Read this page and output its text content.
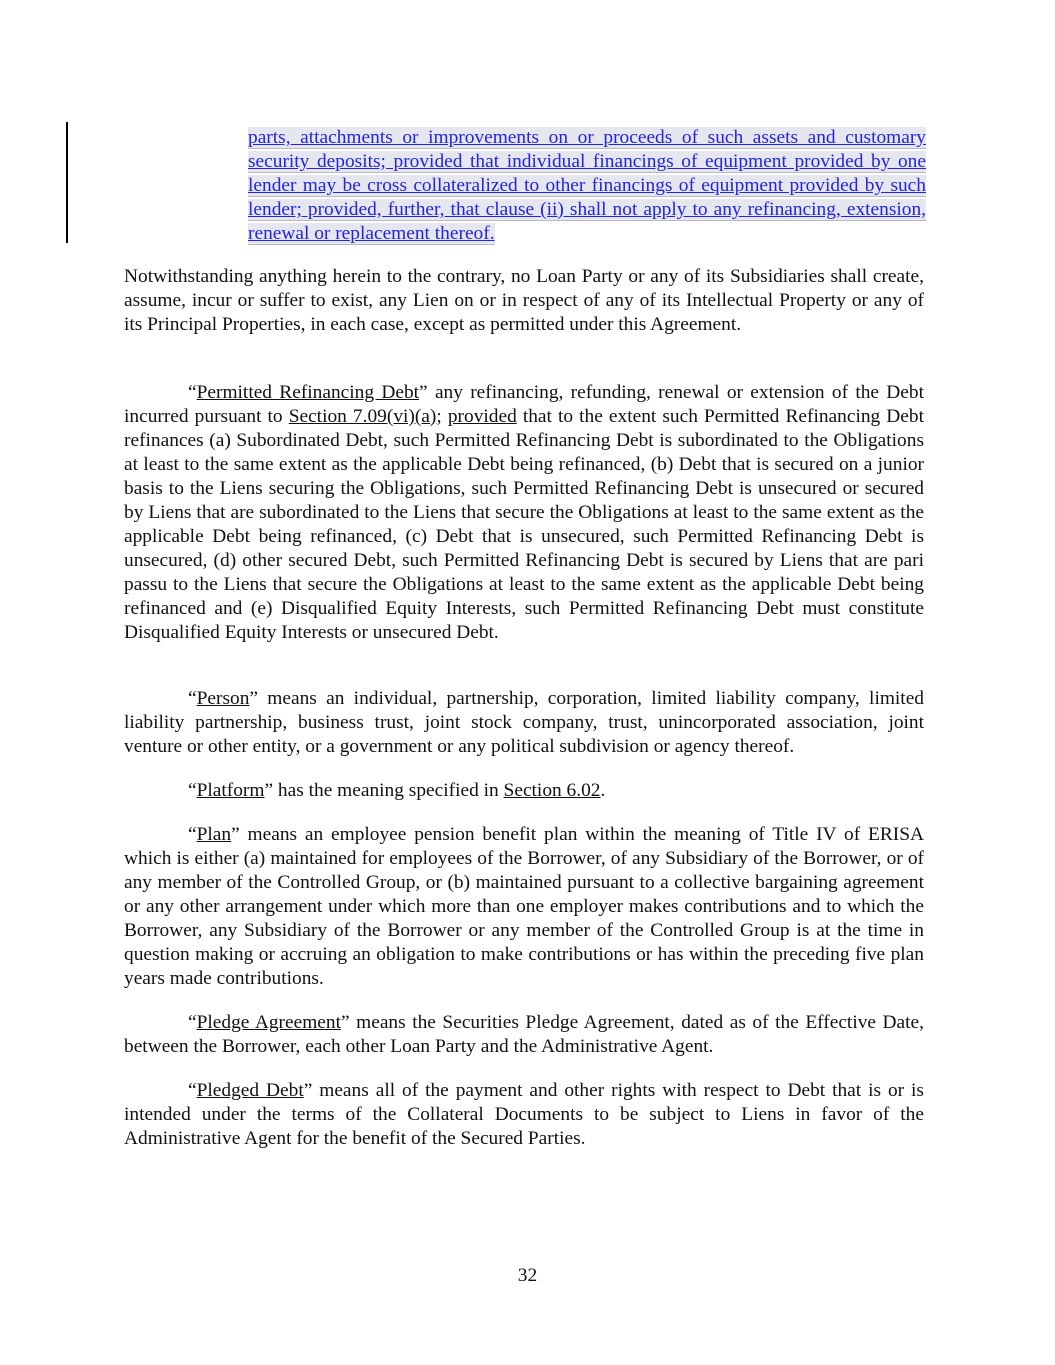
parts, attachments or improvements on or proceeds of such assets and customary security deposits; provided that individual financings of equipment provided by one lender may be cross collateralized to other financings of equipment provided by such lender; provided, further, that clause (ii) shall not apply to any refinancing, extension, renewal or replacement thereof.

Notwithstanding anything herein to the contrary, no Loan Party or any of its Subsidiaries shall create, assume, incur or suffer to exist, any Lien on or in respect of any of its Intellectual Property or any of its Principal Properties, in each case, except as permitted under this Agreement.

“Permitted Refinancing Debt” any refinancing, refunding, renewal or extension of the Debt incurred pursuant to Section 7.09(vi)(a); provided that to the extent such Permitted Refinancing Debt refinances (a) Subordinated Debt, such Permitted Refinancing Debt is subordinated to the Obligations at least to the same extent as the applicable Debt being refinanced, (b) Debt that is secured on a junior basis to the Liens securing the Obligations, such Permitted Refinancing Debt is unsecured or secured by Liens that are subordinated to the Liens that secure the Obligations at least to the same extent as the applicable Debt being refinanced, (c) Debt that is unsecured, such Permitted Refinancing Debt is unsecured, (d) other secured Debt, such Permitted Refinancing Debt is secured by Liens that are pari passu to the Liens that secure the Obligations at least to the same extent as the applicable Debt being refinanced and (e) Disqualified Equity Interests, such Permitted Refinancing Debt must constitute Disqualified Equity Interests or unsecured Debt.

“Person” means an individual, partnership, corporation, limited liability company, limited liability partnership, business trust, joint stock company, trust, unincorporated association, joint venture or other entity, or a government or any political subdivision or agency thereof.

“Platform” has the meaning specified in Section 6.02.

“Plan” means an employee pension benefit plan within the meaning of Title IV of ERISA which is either (a) maintained for employees of the Borrower, of any Subsidiary of the Borrower, or of any member of the Controlled Group, or (b) maintained pursuant to a collective bargaining agreement or any other arrangement under which more than one employer makes contributions and to which the Borrower, any Subsidiary of the Borrower or any member of the Controlled Group is at the time in question making or accruing an obligation to make contributions or has within the preceding five plan years made contributions.

“Pledge Agreement” means the Securities Pledge Agreement, dated as of the Effective Date, between the Borrower, each other Loan Party and the Administrative Agent.

“Pledged Debt” means all of the payment and other rights with respect to Debt that is or is intended under the terms of the Collateral Documents to be subject to Liens in favor of the Administrative Agent for the benefit of the Secured Parties.

32
